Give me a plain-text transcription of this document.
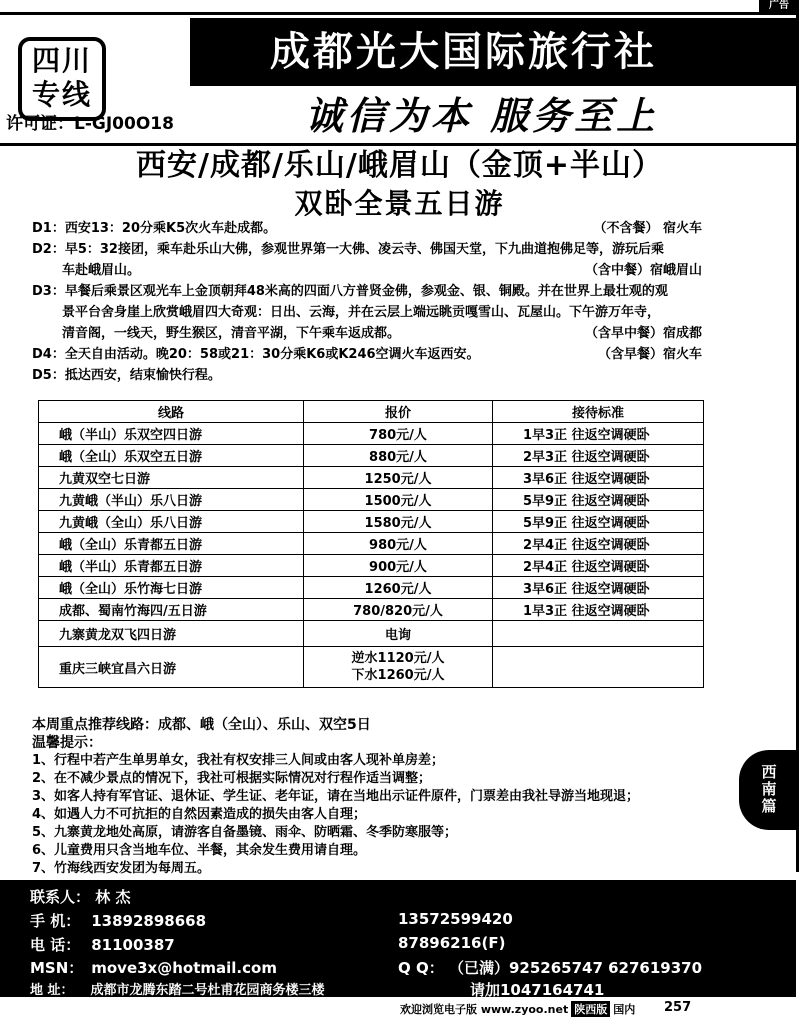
广告
四川
专线
许可证：L-GJ00O18
成都光大国际旅行社
诚信为本 服务至上
西安/成都/乐山/峨眉山（金顶+半山）
双卧全景五日游
D1：西安13：20分乘K5次火车赴成都。	（不含餐） 宿火车
D2：早5：32接团，乘车赴乐山大佛，参观世界第一大佛、凌云寺、佛国天堂，下九曲道抱佛足等，游玩后乘
车赴峨眉山。	（含中餐）宿峨眉山
D3：早餐后乘景区观光车上金顶朝拜48米高的四面八方普贤金佛，参观金、银、铜殿。并在世界上最壮观的观
景平台舍身崖上欣赏峨眉四大奇观：日出、云海，并在云层上端远眺贡嘎雪山、瓦屋山。下午游万年寺，
清音阁，一线天，野生猴区，清音平湖，下午乘车返成都。	（含早中餐）宿成都
D4：全天自由活动。晚20：58或21：30分乘K6或K246空调火车返西安。	（含早餐）宿火车
D5：抵达西安，结束愉快行程。
线路	报价	接待标准
峨（半山）乐双空四日游	780元/人	1早3正 往返空调硬卧
峨（全山）乐双空五日游	880元/人	2早3正 往返空调硬卧
九黄双空七日游	1250元/人	3早6正 往返空调硬卧
九黄峨（半山）乐八日游	1500元/人	5早9正 往返空调硬卧
九黄峨（全山）乐八日游	1580元/人	5早9正 往返空调硬卧
峨（全山）乐青都五日游	980元/人	2早4正 往返空调硬卧
峨（半山）乐青都五日游	900元/人	2早4正 往返空调硬卧
峨（全山）乐竹海七日游	1260元/人	3早6正 往返空调硬卧
成都、蜀南竹海四/五日游	780/820元/人	1早3正 往返空调硬卧
九寨黄龙双飞四日游	电询	
重庆三峡宜昌六日游	逆水1120元/人
下水1260元/人	

本周重点推荐线路：成都、峨（全山）、乐山、双空5日
温馨提示：
1、行程中若产生单男单女，我社有权安排三人间或由客人现补单房差；
2、在不减少景点的情况下，我社可根据实际情况对行程作适当调整；
3、如客人持有军官证、退休证、学生证、老年证，请在当地出示证件原件，门票差由我社导游当地现退；
4、如遇人力不可抗拒的自然因素造成的损失由客人自理；
5、九寨黄龙地处高原，请游客自备墨镜、雨伞、防晒霜、冬季防寒服等；
6、儿童费用只含当地车位、半餐，其余发生费用请自理。
7、竹海线西安发团为每周五。
西
南
篇
联系人： 林 杰
手 机： 13892898668	13572599420
电 话： 81100387	87896216(F)
MSN： move3x@hotmail.com	Q Q： （已满）925265747 627619370
地 址： 成都市龙腾东踏二号杜甫花园商务楼三楼	请加1047164741
欢迎浏览电子版 www.zyoo.net 陕西版 国内 257
